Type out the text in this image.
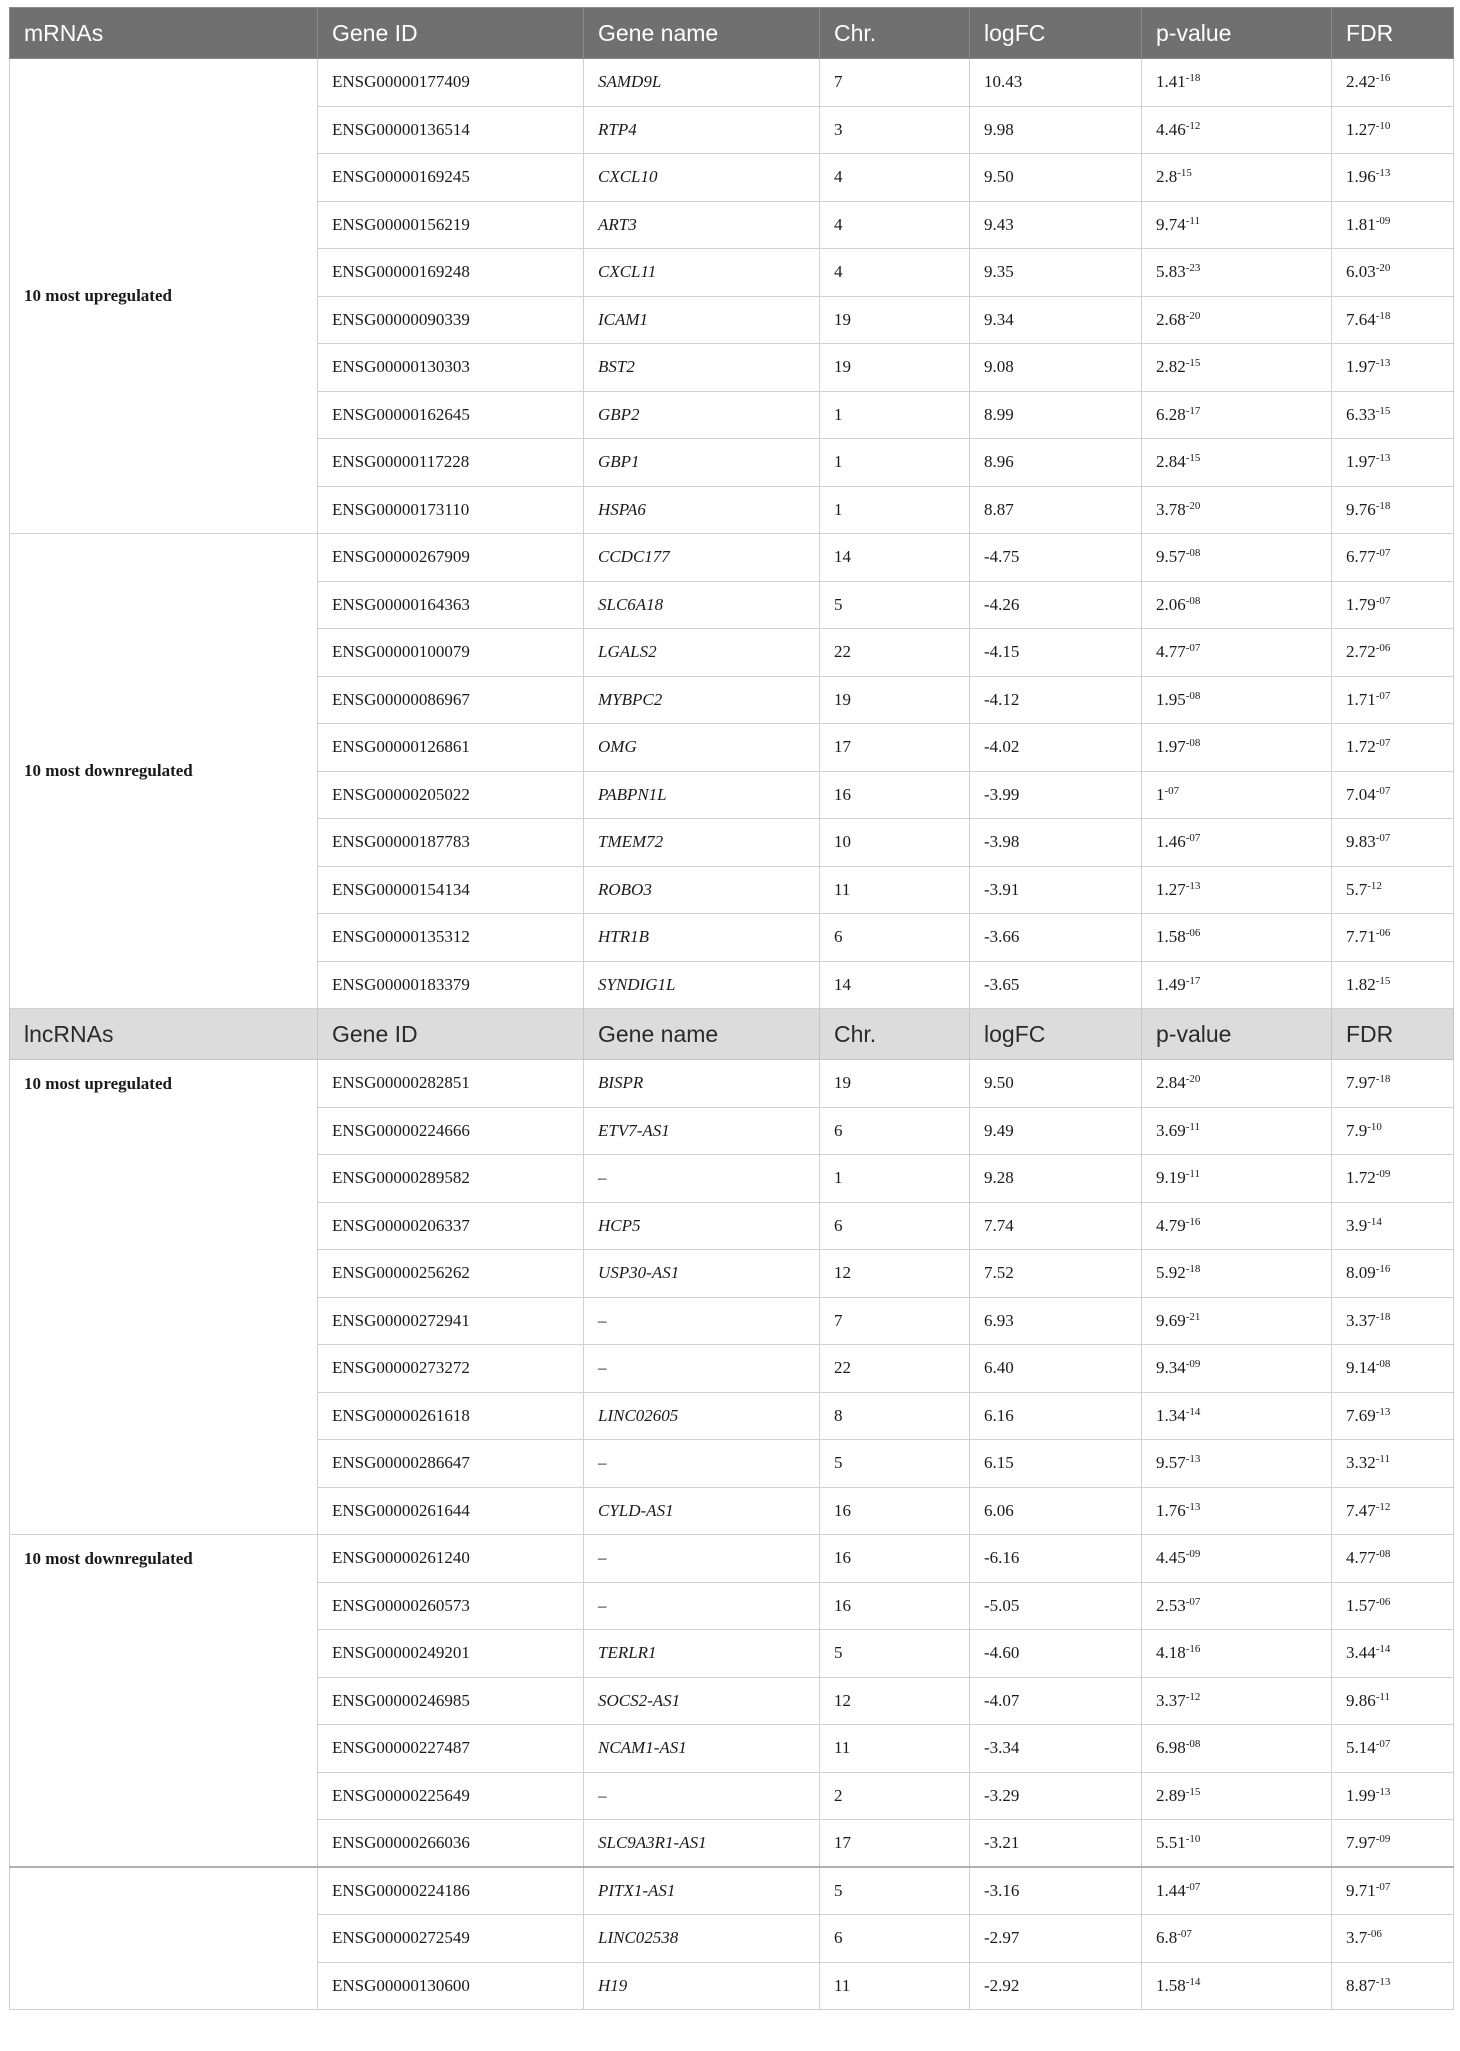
mRNAs	Gene ID	Gene name	Chr.	logFC	p-value	FDR
10 most upregulated	ENSG00000177409	SAMD9L	7	10.43	$1.41^{-18}$	$2.42^{-16}$
	ENSG00000136514	RTP4	3	9.98	$4.46^{-12}$	$1.27^{-10}$
	ENSG00000169245	CXCL10	4	9.50	$2.8^{-15}$	$1.96^{-13}$
	ENSG00000156219	ART3	4	9.43	$9.74^{-11}$	$1.81^{-09}$
	ENSG00000169248	CXCL11	4	9.35	$5.83^{-23}$	$6.03^{-20}$
	ENSG00000090339	ICAM1	19	9.34	$2.68^{-20}$	$7.64^{-18}$
	ENSG00000130303	BST2	19	9.08	$2.82^{-15}$	$1.97^{-13}$
	ENSG00000162645	GBP2	1	8.99	$6.28^{-17}$	$6.33^{-15}$
	ENSG00000117228	GBP1	1	8.96	$2.84^{-15}$	$1.97^{-13}$
	ENSG00000173110	HSPA6	1	8.87	$3.78^{-20}$	$9.76^{-18}$
10 most downregulated	ENSG00000267909	CCDC177	14	-4.75	$9.57^{-08}$	$6.77^{-07}$
	ENSG00000164363	SLC6A18	5	-4.26	$2.06^{-08}$	$1.79^{-07}$
	ENSG00000100079	LGALS2	22	-4.15	$4.77^{-07}$	$2.72^{-06}$
	ENSG00000086967	MYBPC2	19	-4.12	$1.95^{-08}$	$1.71^{-07}$
	ENSG00000126861	OMG	17	-4.02	$1.97^{-08}$	$1.72^{-07}$
	ENSG00000205022	PABPN1L	16	-3.99	$1^{-07}$	$7.04^{-07}$
	ENSG00000187783	TMEM72	10	-3.98	$1.46^{-07}$	$9.83^{-07}$
	ENSG00000154134	ROBO3	11	-3.91	$1.27^{-13}$	$5.7^{-12}$
	ENSG00000135312	HTR1B	6	-3.66	$1.58^{-06}$	$7.71^{-06}$
	ENSG00000183379	SYNDIG1L	14	-3.65	$1.49^{-17}$	$1.82^{-15}$
lncRNAs	Gene ID	Gene name	Chr.	logFC	p-value	FDR
10 most upregulated	ENSG00000282851	BISPR	19	9.50	$2.84^{-20}$	$7.97^{-18}$
	ENSG00000224666	ETV7-AS1	6	9.49	$3.69^{-11}$	$7.9^{-10}$
	ENSG00000289582	–	1	9.28	$9.19^{-11}$	$1.72^{-09}$
	ENSG00000206337	HCP5	6	7.74	$4.79^{-16}$	$3.9^{-14}$
	ENSG00000256262	USP30-AS1	12	7.52	$5.92^{-18}$	$8.09^{-16}$
	ENSG00000272941	–	7	6.93	$9.69^{-21}$	$3.37^{-18}$
	ENSG00000273272	–	22	6.40	$9.34^{-09}$	$9.14^{-08}$
	ENSG00000261618	LINC02605	8	6.16	$1.34^{-14}$	$7.69^{-13}$
	ENSG00000286647	–	5	6.15	$9.57^{-13}$	$3.32^{-11}$
	ENSG00000261644	CYLD-AS1	16	6.06	$1.76^{-13}$	$7.47^{-12}$
10 most downregulated	ENSG00000261240	–	16	-6.16	$4.45^{-09}$	$4.77^{-08}$
	ENSG00000260573	–	16	-5.05	$2.53^{-07}$	$1.57^{-06}$
	ENSG00000249201	TERLR1	5	-4.60	$4.18^{-16}$	$3.44^{-14}$
	ENSG00000246985	SOCS2-AS1	12	-4.07	$3.37^{-12}$	$9.86^{-11}$
	ENSG00000227487	NCAM1-AS1	11	-3.34	$6.98^{-08}$	$5.14^{-07}$
	ENSG00000225649	–	2	-3.29	$2.89^{-15}$	$1.99^{-13}$
	ENSG00000266036	SLC9A3R1-AS1	17	-3.21	$5.51^{-10}$	$7.97^{-09}$
	ENSG00000224186	PITX1-AS1	5	-3.16	$1.44^{-07}$	$9.71^{-07}$
	ENSG00000272549	LINC02538	6	-2.97	$6.8^{-07}$	$3.7^{-06}$
	ENSG00000130600	H19	11	-2.92	$1.58^{-14}$	$8.87^{-13}$
